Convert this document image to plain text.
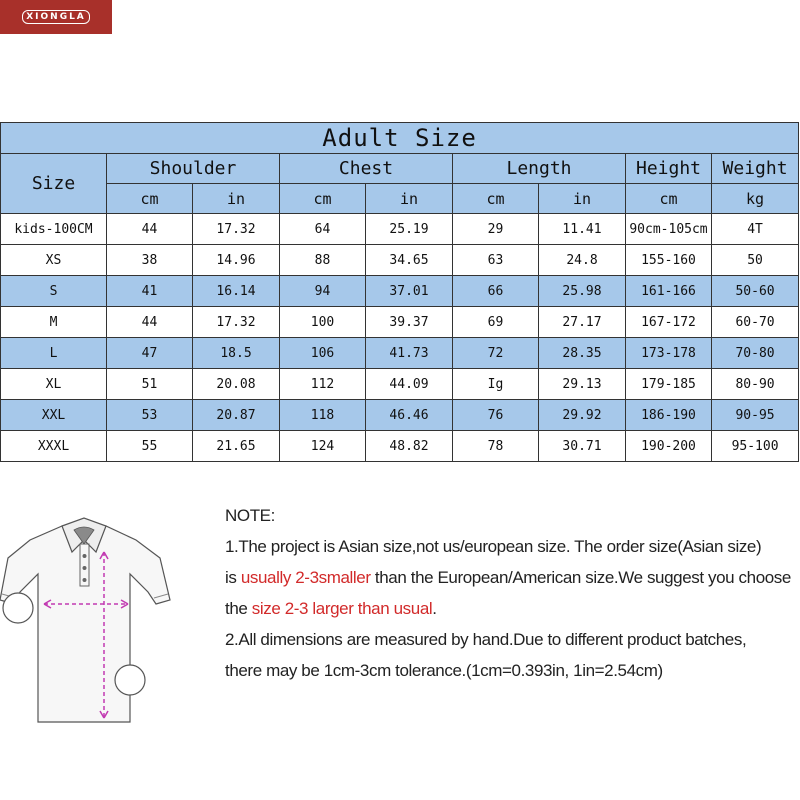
XIONGLA
Adult Size								
Size	Shoulder		Chest		Length		Height	Weight
	cm	in	cm	in	cm	in	cm	kg
kids-100CM	44	17.32	64	25.19	29	11.41	90cm-105cm	4T
XS	38	14.96	88	34.65	63	24.8	155-160	50
S	41	16.14	94	37.01	66	25.98	161-166	50-60
M	44	17.32	100	39.37	69	27.17	167-172	60-70
L	47	18.5	106	41.73	72	28.35	173-178	70-80
XL	51	20.08	112	44.09	Ig	29.13	179-185	80-90
XXL	53	20.87	118	46.46	76	29.92	186-190	90-95
XXXL	55	21.65	124	48.82	78	30.71	190-200	95-100
NOTE:
1.The project is Asian size,not us/european size. The order size(Asian size)
is usually 2-3smaller than the European/American size.We suggest you choose
the size 2-3 larger than usual.
2.All dimensions are measured by hand.Due to different product batches,
there may be 1cm-3cm tolerance.(1cm=0.393in, 1in=2.54cm)
